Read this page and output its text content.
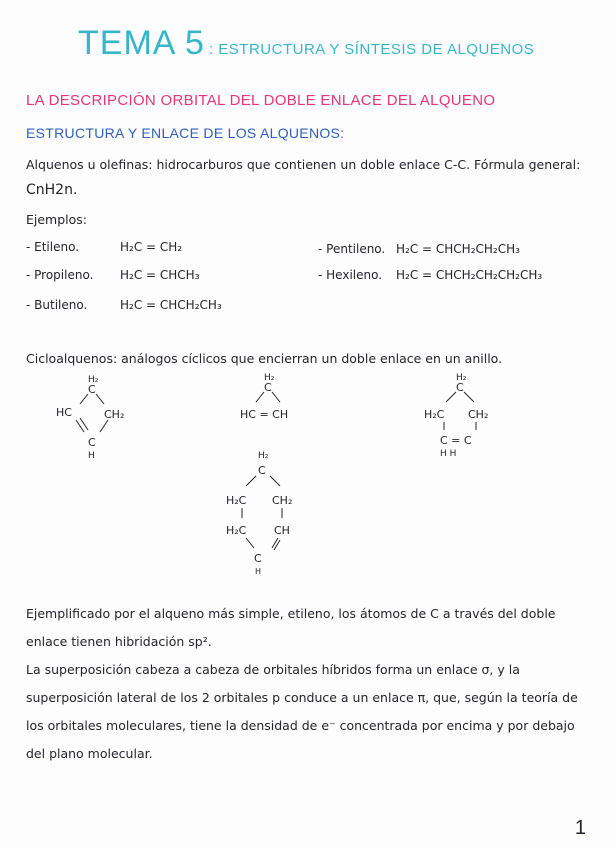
TEMA 5 : ESTRUCTURA Y SÍNTESIS DE ALQUENOS
LA DESCRIPCIÓN ORBITAL DEL DOBLE ENLACE DEL ALQUENO
ESTRUCTURA Y ENLACE DE LOS ALQUENOS:
Alquenos u olefinas: hidrocarburos que contienen un doble enlace C-C. Fórmula general:
CnH2n.
Ejemplos:
- Etileno.	H₂C = CH₂
- Propileno. H₂C = CHCH₃
- Butileno.	H₂C = CHCH₂CH₃
- Pentileno. H₂C = CHCH₂CH₂CH₃
- Hexileno. H₂C = CHCH₂CH₂CH₂CH₃
Cicloalquenos: análogos cíclicos que encierran un doble enlace en un anillo.
H₂
C
HC	CH₂
C
H
H₂
C
HC = CH
H₂
C
H₂C CH₂
C = C
H H
H₂
C
H₂C CH₂
H₂C	CH
C
H
Ejemplificado por el alqueno más simple, etileno, los átomos de C a través del doble enlace tienen hibridación sp².
La superposición cabeza a cabeza de orbitales híbridos forma un enlace σ, y la superposición lateral de los 2 orbitales p conduce a un enlace π, que, según la teoría de los orbitales moleculares, tiene la densidad de e⁻ concentrada por encima y por debajo del plano molecular.
1
